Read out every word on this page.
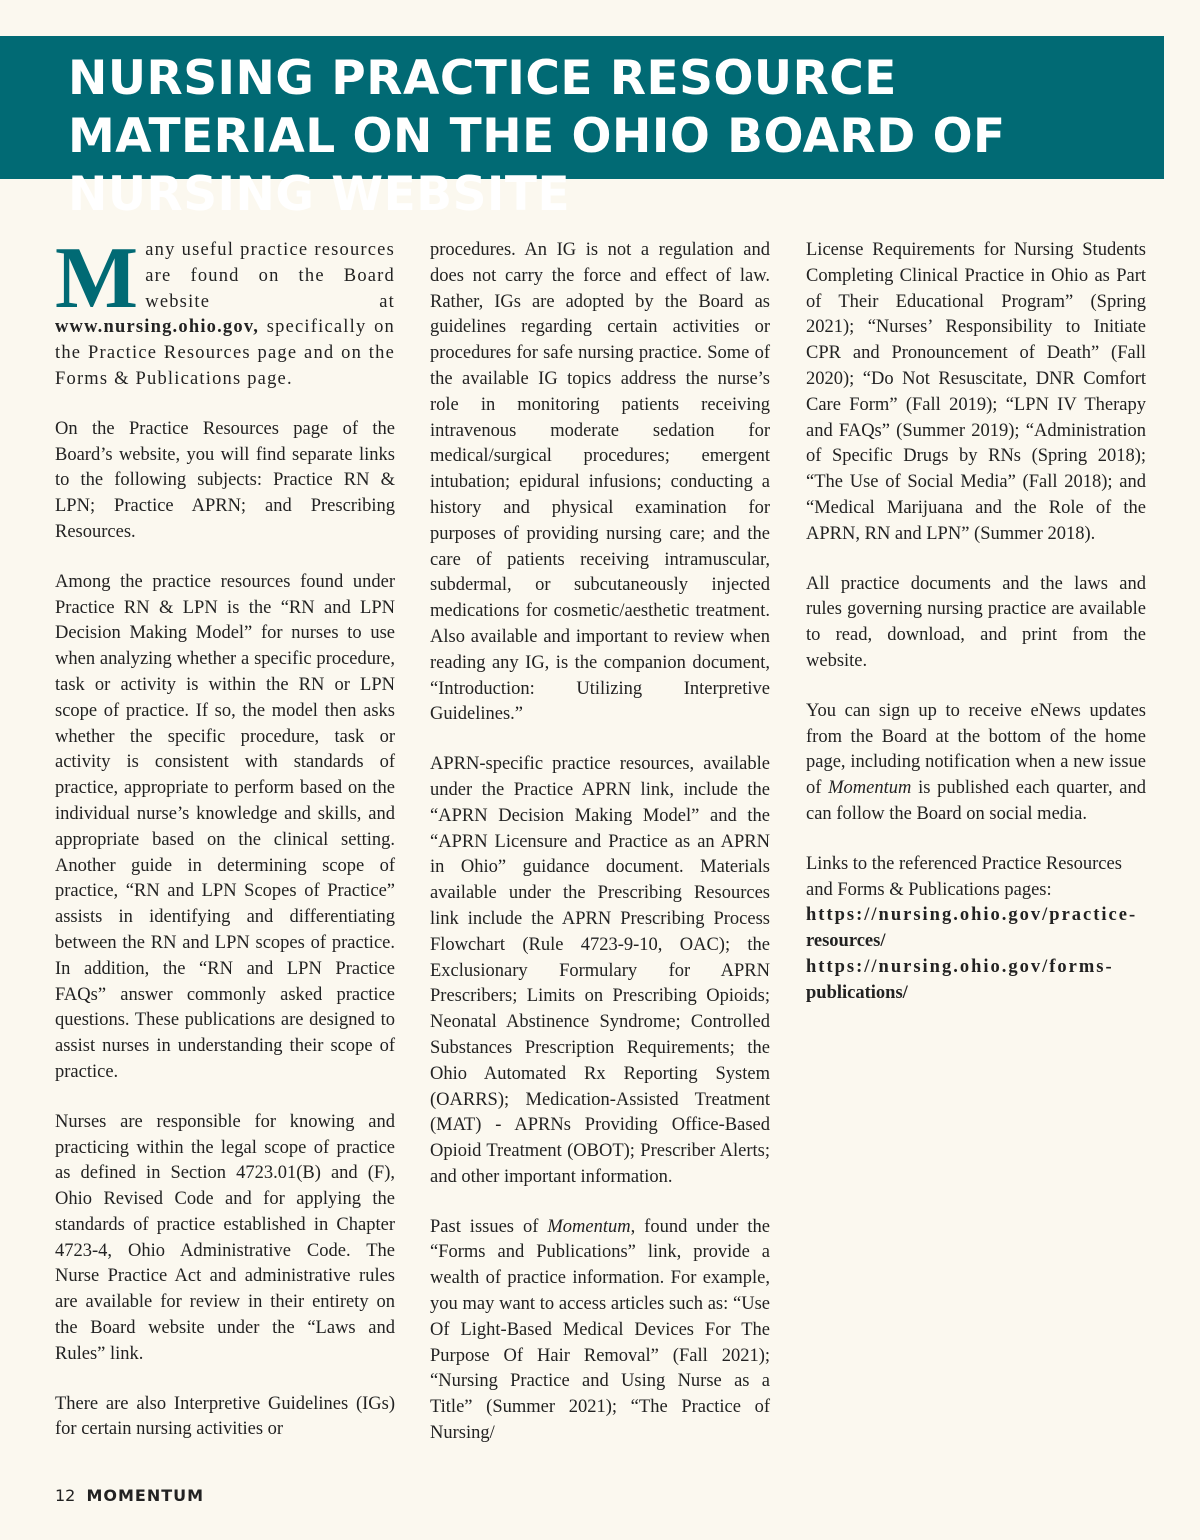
NURSING PRACTICE RESOURCE MATERIAL ON THE OHIO BOARD OF NURSING WEBSITE

Many useful practice resources are found on the Board website at www.nursing.ohio.gov, specifically on the Practice Resources page and on the Forms & Publications page.

On the Practice Resources page of the Board’s website, you will find separate links to the following subjects: Practice RN & LPN; Practice APRN; and Prescribing Resources.

Among the practice resources found under Practice RN & LPN is the “RN and LPN Decision Making Model” for nurses to use when analyzing whether a specific procedure, task or activity is within the RN or LPN scope of practice. If so, the model then asks whether the specific procedure, task or activity is consistent with standards of practice, appropriate to perform based on the individual nurse’s knowledge and skills, and appropriate based on the clinical setting. Another guide in determining scope of practice, “RN and LPN Scopes of Practice” assists in identifying and differentiating between the RN and LPN scopes of practice. In addition, the “RN and LPN Practice FAQs” answer commonly asked practice questions. These publications are designed to assist nurses in understanding their scope of practice.

Nurses are responsible for knowing and practicing within the legal scope of practice as defined in Section 4723.01(B) and (F), Ohio Revised Code and for applying the standards of practice established in Chapter 4723-4, Ohio Administrative Code. The Nurse Practice Act and administrative rules are available for review in their entirety on the Board website under the “Laws and Rules” link.

There are also Interpretive Guidelines (IGs) for certain nursing activities or

procedures. An IG is not a regulation and does not carry the force and effect of law. Rather, IGs are adopted by the Board as guidelines regarding certain activities or procedures for safe nursing practice. Some of the available IG topics address the nurse’s role in monitoring patients receiving intravenous moderate sedation for medical/surgical procedures; emergent intubation; epidural infusions; conducting a history and physical examination for purposes of providing nursing care; and the care of patients receiving intramuscular, subdermal, or subcutaneously injected medications for cosmetic/aesthetic treatment. Also available and important to review when reading any IG, is the companion document, “Introduction: Utilizing Interpretive Guidelines.”

APRN-specific practice resources, available under the Practice APRN link, include the “APRN Decision Making Model” and the “APRN Licensure and Practice as an APRN in Ohio” guidance document. Materials available under the Prescribing Resources link include the APRN Prescribing Process Flowchart (Rule 4723-9-10, OAC); the Exclusionary Formulary for APRN Prescribers; Limits on Prescribing Opioids; Neonatal Abstinence Syndrome; Controlled Substances Prescription Requirements; the Ohio Automated Rx Reporting System (OARRS); Medication-Assisted Treatment (MAT) - APRNs Providing Office-Based Opioid Treatment (OBOT); Prescriber Alerts; and other important information.

Past issues of Momentum, found under the “Forms and Publications” link, provide a wealth of practice information. For example, you may want to access articles such as: “Use Of Light-Based Medical Devices For The Purpose Of Hair Removal” (Fall 2021); “Nursing Practice and Using Nurse as a Title” (Summer 2021); “The Practice of Nursing/

License Requirements for Nursing Students Completing Clinical Practice in Ohio as Part of Their Educational Program” (Spring 2021); “Nurses’ Responsibility to Initiate CPR and Pronouncement of Death” (Fall 2020); “Do Not Resuscitate, DNR Comfort Care Form” (Fall 2019); “LPN IV Therapy and FAQs” (Summer 2019); “Administration of Specific Drugs by RNs (Spring 2018); “The Use of Social Media” (Fall 2018); and “Medical Marijuana and the Role of the APRN, RN and LPN” (Summer 2018).

All practice documents and the laws and rules governing nursing practice are available to read, download, and print from the website.

You can sign up to receive eNews updates from the Board at the bottom of the home page, including notification when a new issue of Momentum is published each quarter, and can follow the Board on social media.

Links to the referenced Practice Resources and Forms & Publications pages:

https://nursing.ohio.gov/practice-
resources/
https://nursing.ohio.gov/forms-
publications/
12 MOMENTUM
